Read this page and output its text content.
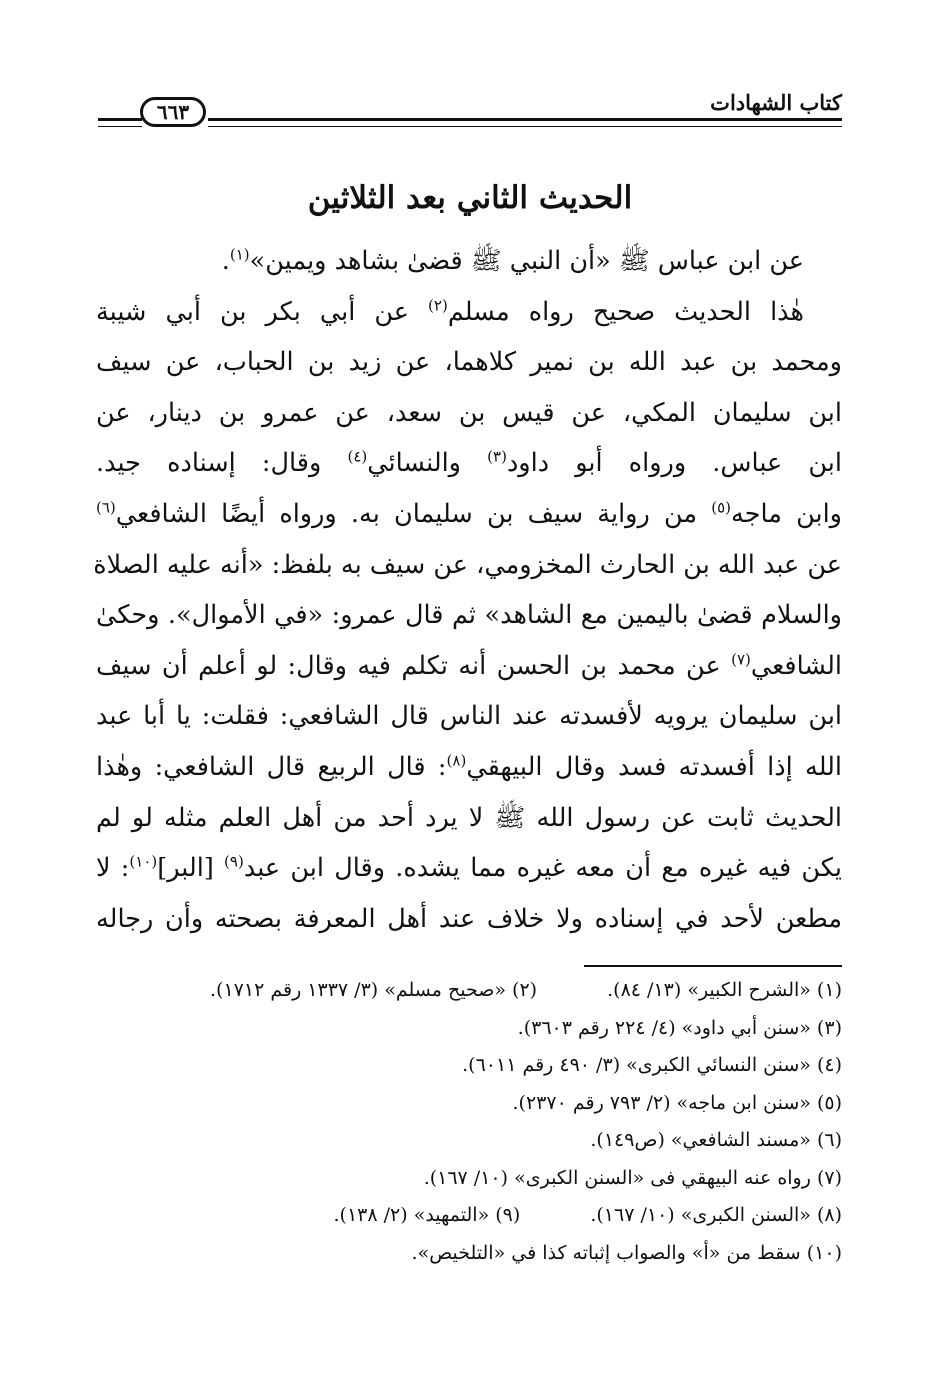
كتاب الشهادات
٦٦٣
الحديث الثاني بعد الثلاثين
عن ابن عباس ﷺ «أن النبي ﷺ قضىٰ بشاهد ويمين»$^{(١)}$.
هٰذا الحديث صحيح رواه مسلم$^{(٢)}$ عن أبي بكر بن أبي شيبة
ومحمد بن عبد الله بن نمير كلاهما، عن زيد بن الحباب، عن سيف
ابن سليمان المكي، عن قيس بن سعد، عن عمرو بن دينار، عن
ابن عباس. ورواه أبو داود$^{(٣)}$ والنسائي$^{(٤)}$ وقال: إسناده جيد.
وابن ماجه$^{(٥)}$ من رواية سيف بن سليمان به. ورواه أيضًا الشافعي$^{(٦)}$
عن عبد الله بن الحارث المخزومي، عن سيف به بلفظ: «أنه عليه الصلاة
والسلام قضىٰ باليمين مع الشاهد» ثم قال عمرو: «في الأموال». وحكىٰ
الشافعي$^{(٧)}$ عن محمد بن الحسن أنه تكلم فيه وقال: لو أعلم أن سيف
ابن سليمان يرويه لأفسدته عند الناس قال الشافعي: فقلت: يا أبا عبد
الله إذا أفسدته فسد وقال البيهقي$^{(٨)}$: قال الربيع قال الشافعي: وهٰذا
الحديث ثابت عن رسول الله ﷺ لا يرد أحد من أهل العلم مثله لو لم
يكن فيه غيره مع أن معه غيره مما يشده. وقال ابن عبد$^{(٩)}$ [البر]$^{(١٠)}$: لا
مطعن لأحد في إسناده ولا خلاف عند أهل المعرفة بصحته وأن رجاله
(١) «الشرح الكبير» (١٣/ ٨٤). (٢) «صحيح مسلم» (٣/ ١٣٣٧ رقم ١٧١٢).
(٣) «سنن أبي داود» (٤/ ٢٢٤ رقم ٣٦٠٣).
(٤) «سنن النسائي الكبرى» (٣/ ٤٩٠ رقم ٦٠١١).
(٥) «سنن ابن ماجه» (٢/ ٧٩٣ رقم ٢٣٧٠).
(٦) «مسند الشافعي» (ص١٤٩).
(٧) رواه عنه البيهقي فى «السنن الكبرى» (١٠/ ١٦٧).
(٨) «السنن الكبرى» (١٠/ ١٦٧). (٩) «التمهيد» (٢/ ١٣٨).
(١٠) سقط من «أ» والصواب إثباته كذا في «التلخيص».
